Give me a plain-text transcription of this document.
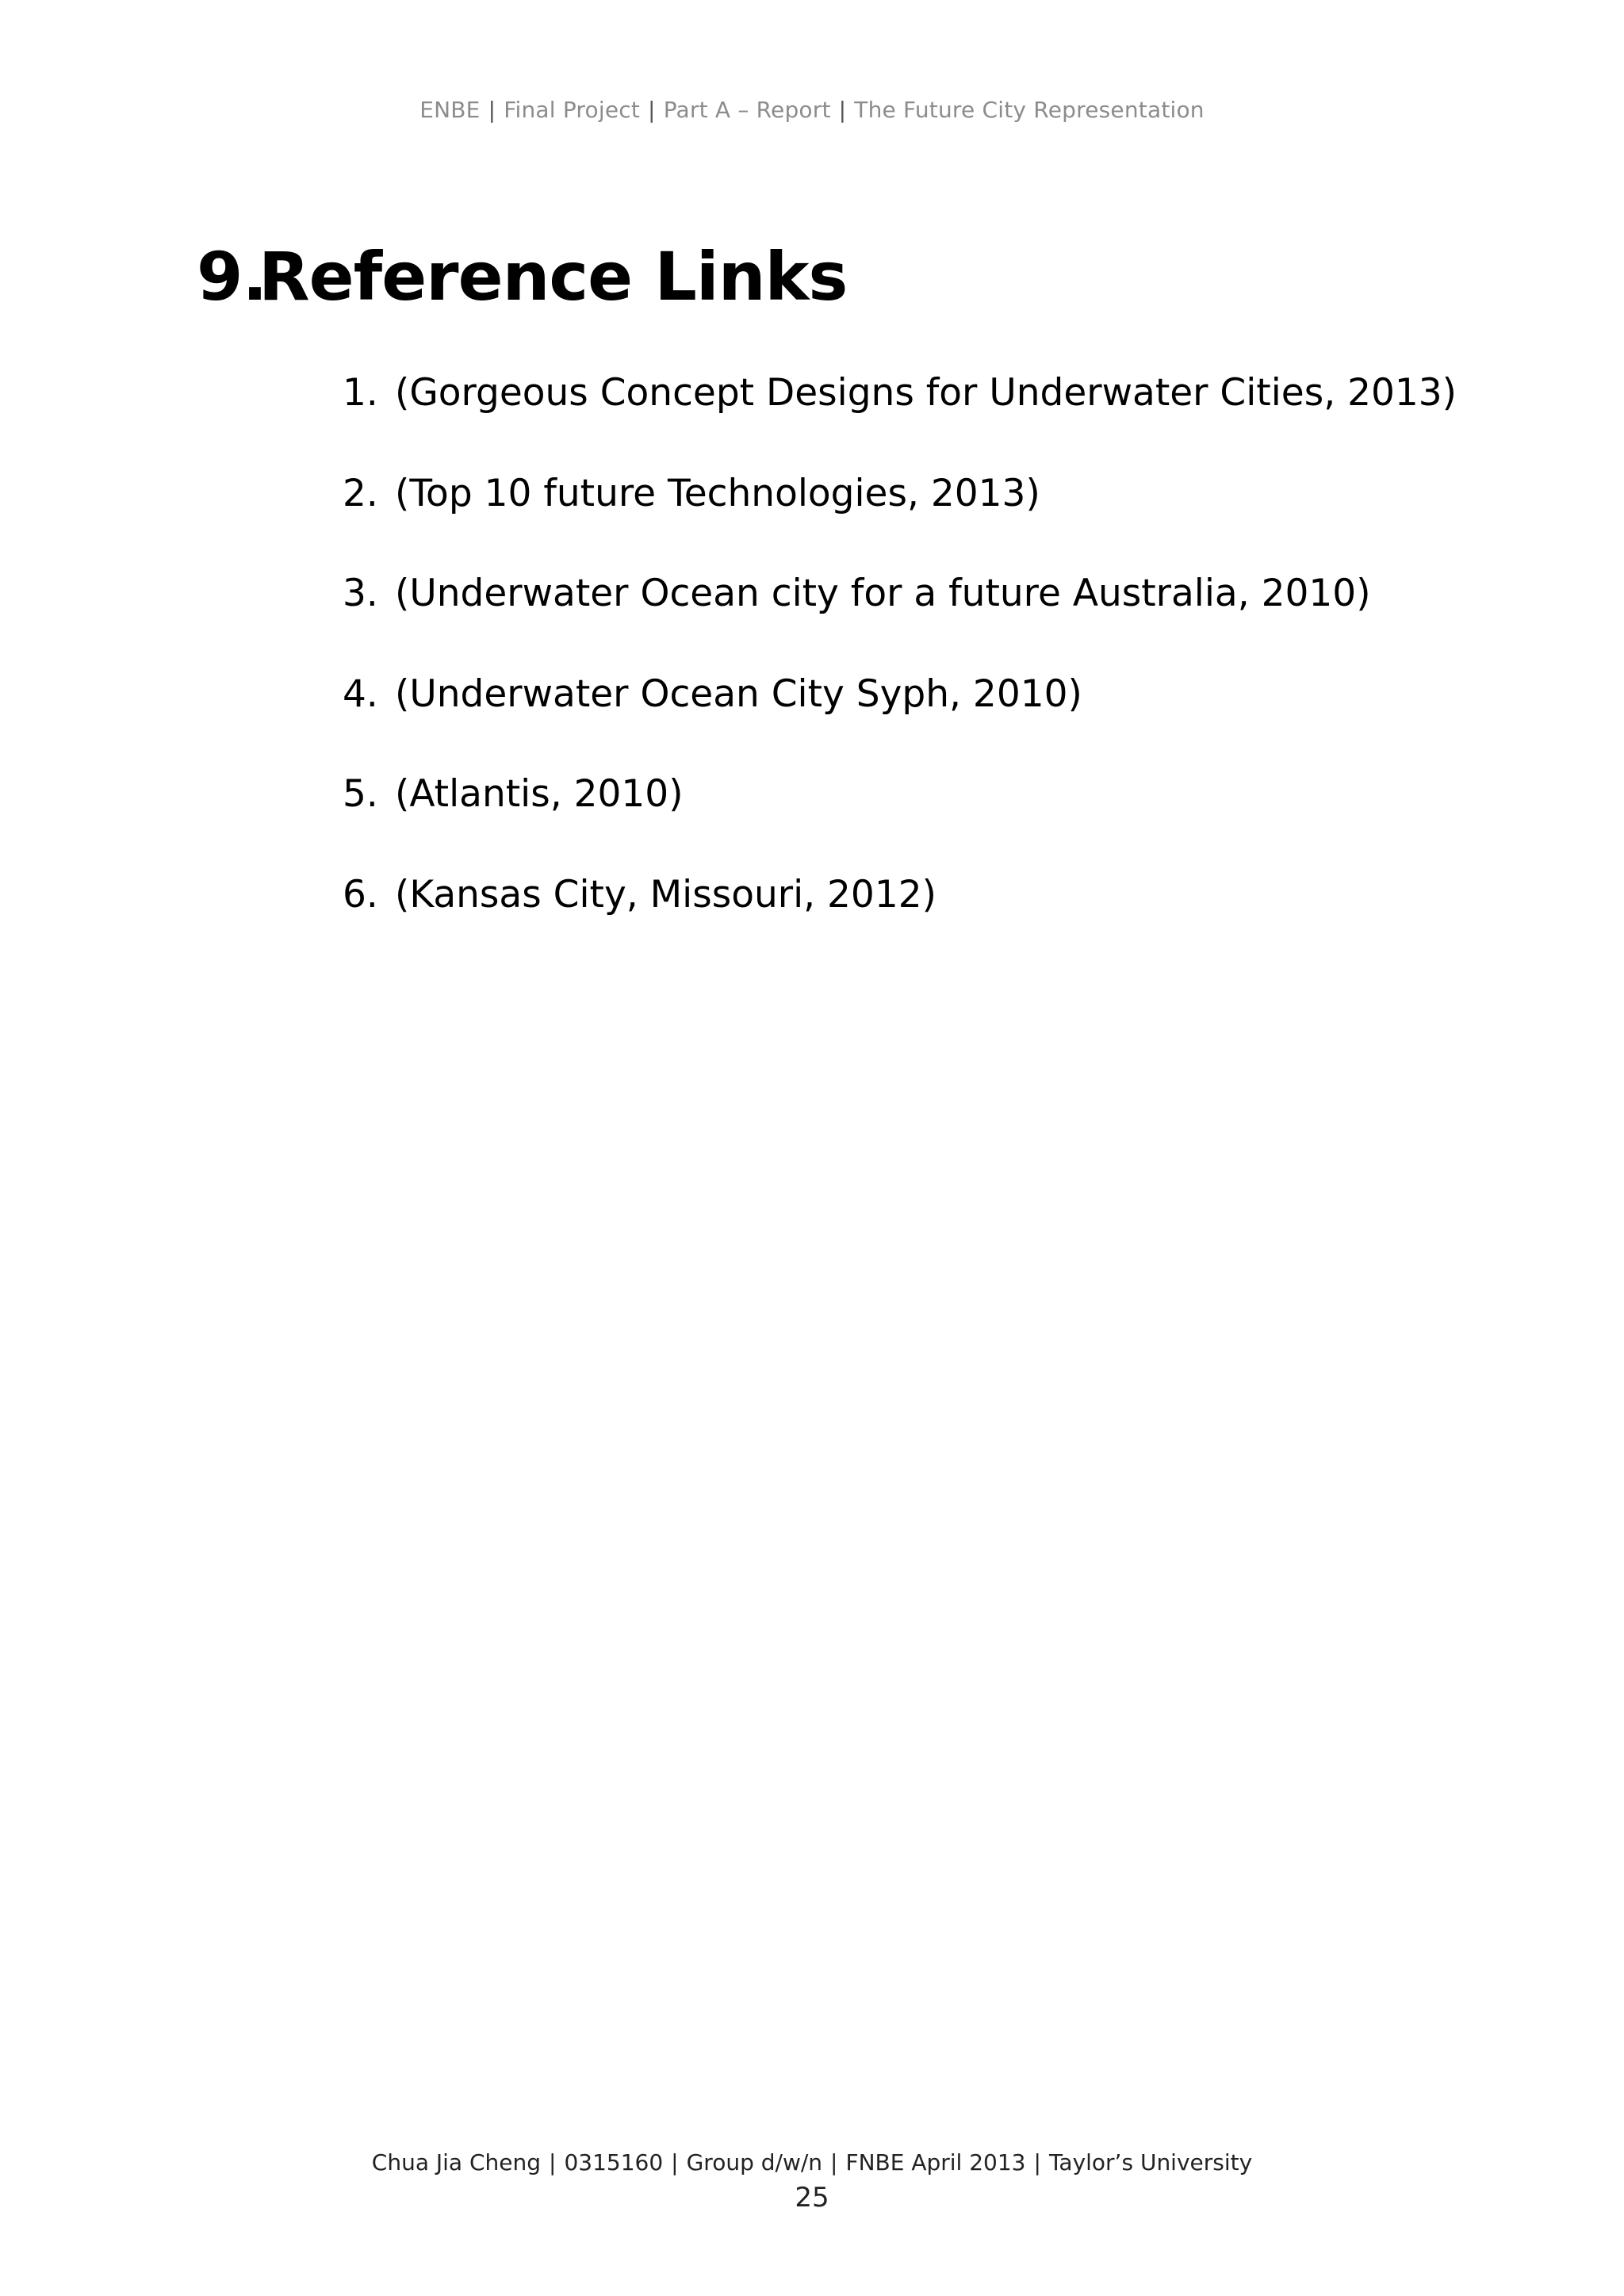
ENBE | Final Project | Part A – Report | The Future City Representation
9.Reference Links
1. (Gorgeous Concept Designs for Underwater Cities, 2013)
2. (Top 10 future Technologies, 2013)
3. (Underwater Ocean city for a future Australia, 2010)
4. (Underwater Ocean City Syph, 2010)
5. (Atlantis, 2010)
6. (Kansas City, Missouri, 2012)
Chua Jia Cheng | 0315160 | Group d/w/n | FNBE April 2013 | Taylor’s University
25
